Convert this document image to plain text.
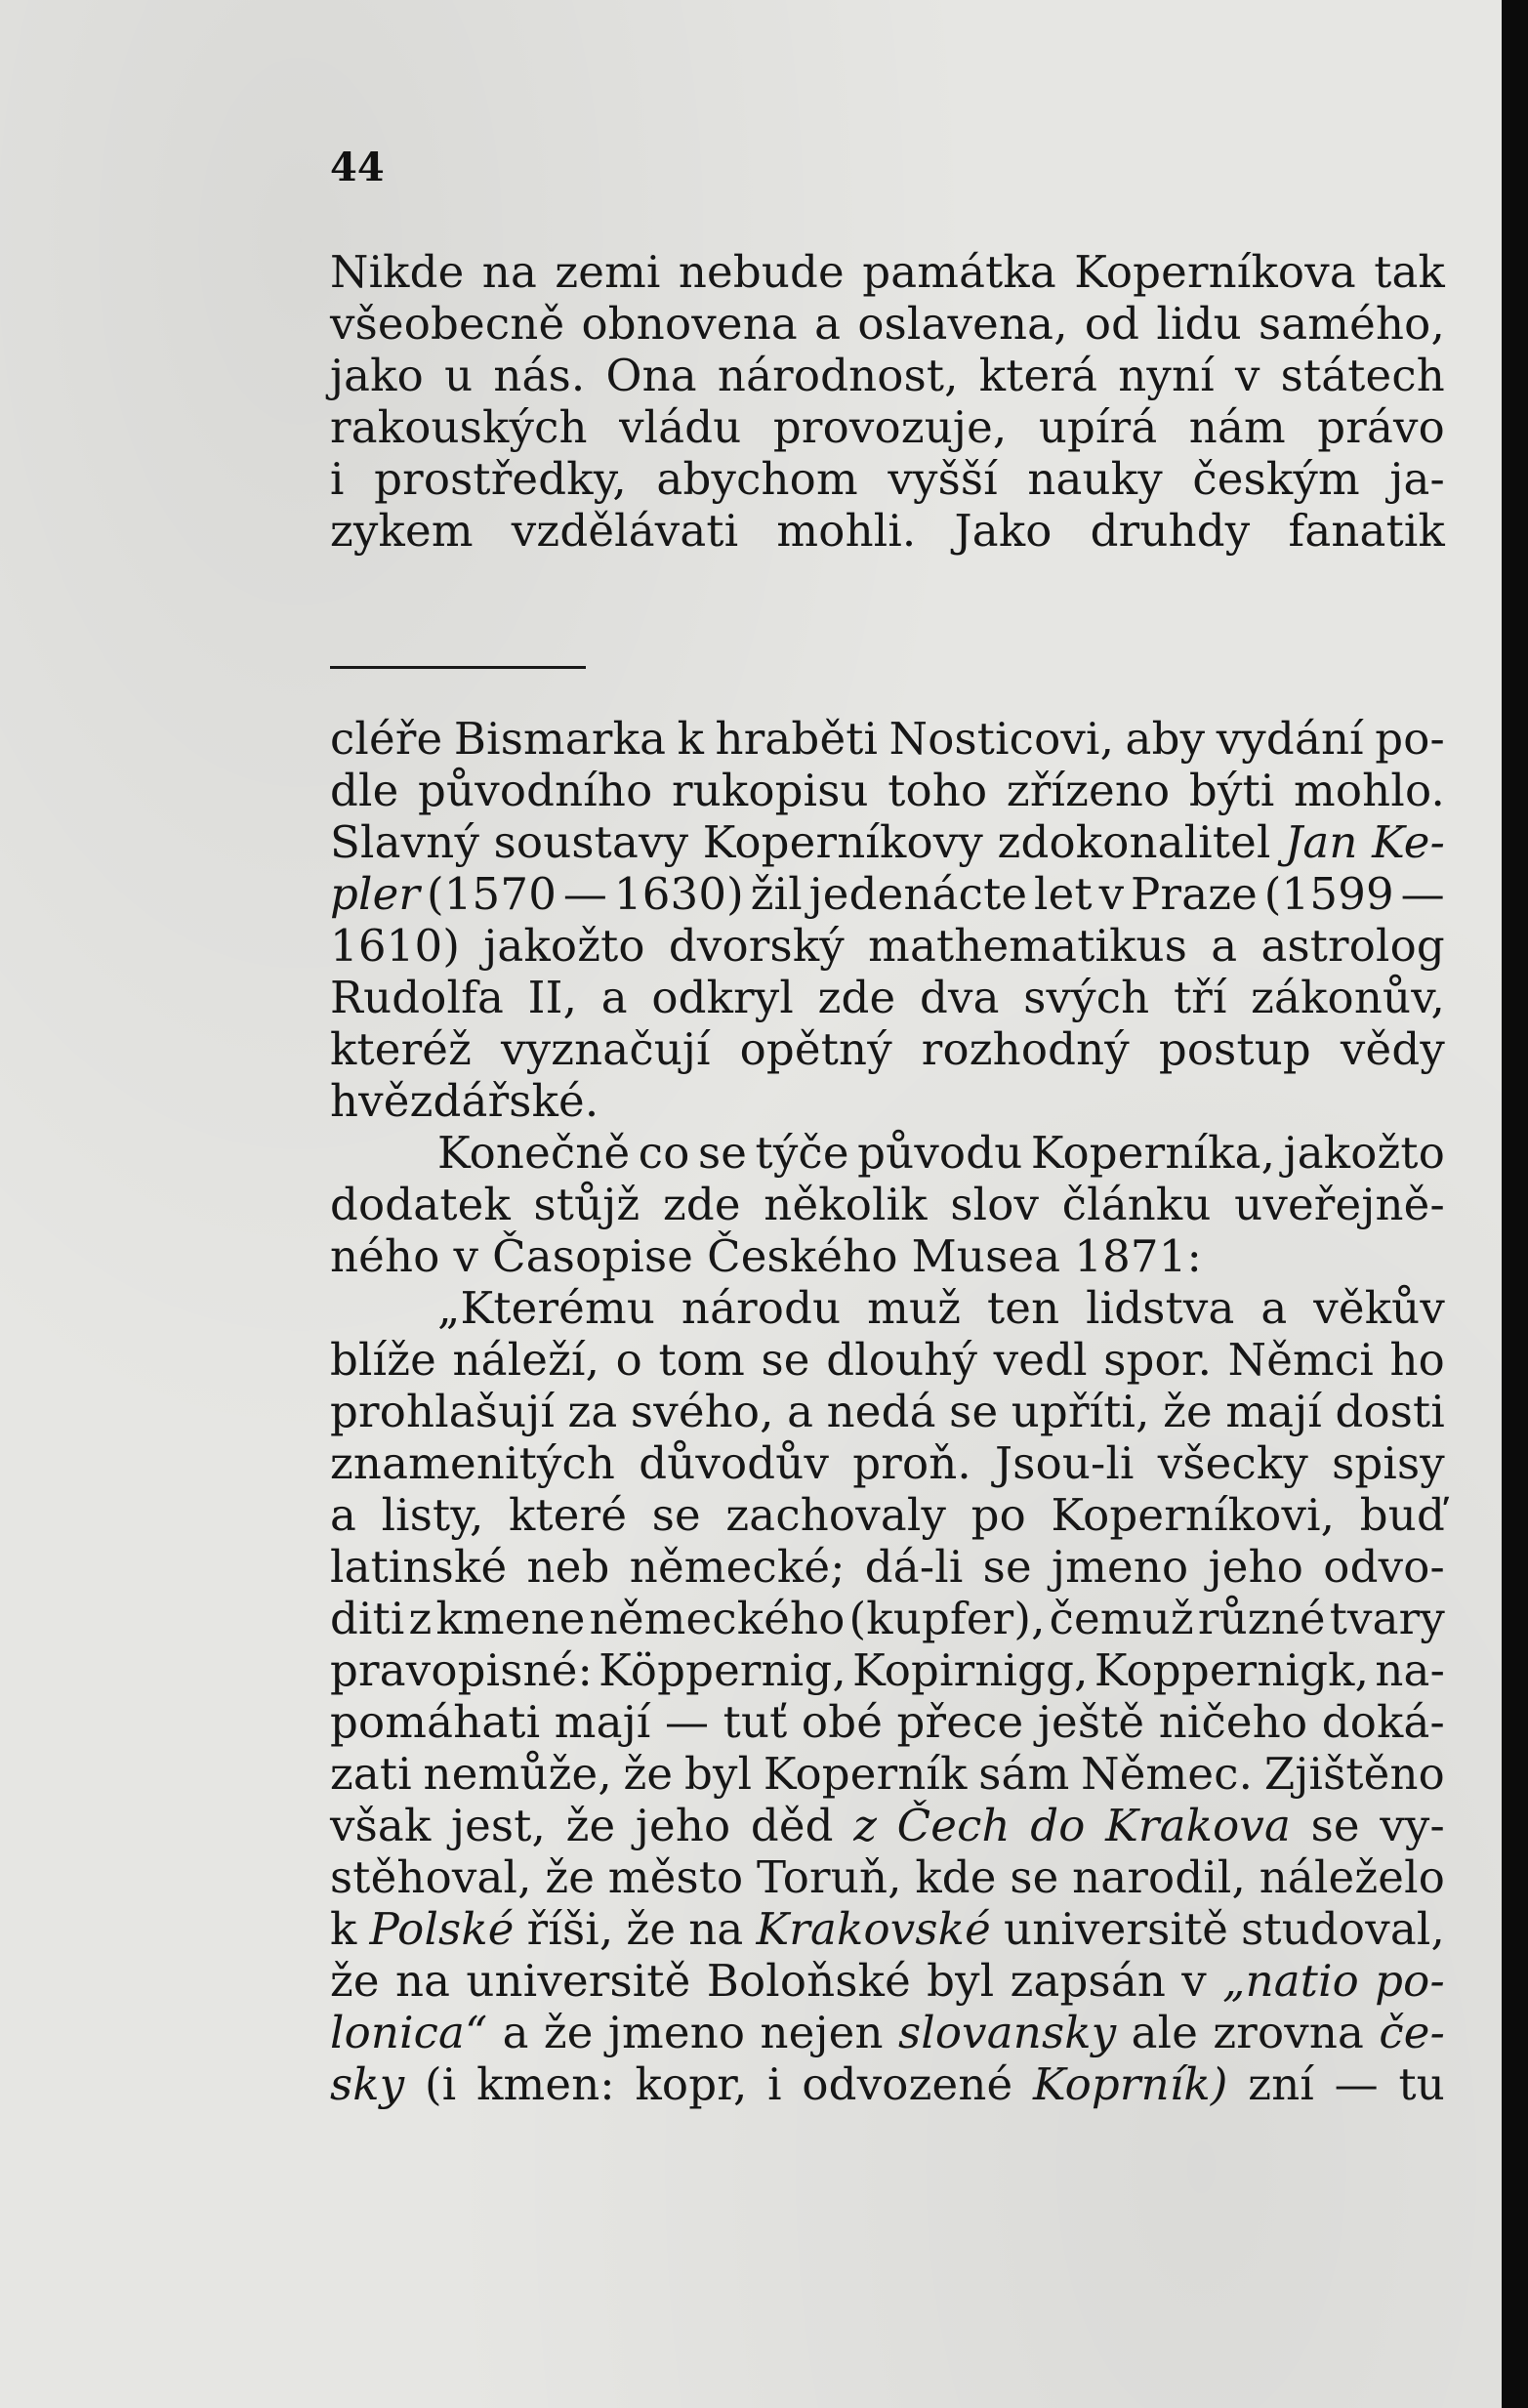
44
Nikde na zemi nebude památka Koperníkova tak
všeobecně obnovena a oslavena, od lidu samého,
jako u nás. Ona národnost, která nyní v státech
rakouských vládu provozuje, upírá nám právo
i prostředky, abychom vyšší nauky českým ja-
zykem vzdělávati mohli. Jako druhdy fanatik
cléře Bismarka k hraběti Nosticovi, aby vydání po-
dle původního rukopisu toho zřízeno býti mohlo.
Slavný soustavy Koperníkovy zdokonalitel Jan Ke-
pler (1570 — 1630) žil jedenácte let v Praze (1599 —
1610) jakožto dvorský mathematikus a astrolog
Rudolfa II, a odkryl zde dva svých tří zákonův,
kteréž vyznačují opětný rozhodný postup vědy
hvězdářské.
Konečně co se týče původu Koperníka, jakožto
dodatek stůjž zde několik slov článku uveřejně-
ného v Časopise Českého Musea 1871:
„Kterému národu muž ten lidstva a věkův
blíže náleží, o tom se dlouhý vedl spor. Němci ho
prohlašují za svého, a nedá se upříti, že mají dosti
znamenitých důvodův proň. Jsou-li všecky spisy
a listy, které se zachovaly po Koperníkovi, buď
latinské neb německé; dá-li se jmeno jeho odvo-
diti z kmene německého (kupfer), čemuž různé tvary
pravopisné: Köppernig, Kopirnigg, Koppernigk, na-
pomáhati mají — tuť obé přece ještě ničeho doká-
zati nemůže, že byl Koperník sám Němec. Zjištěno
však jest, že jeho děd z Čech do Krakova se vy-
stěhoval, že město Toruň, kde se narodil, náleželo
k Polské říši, že na Krakovské universitě studoval,
že na universitě Boloňské byl zapsán v „natio po-
lonica“ a že jmeno nejen slovansky ale zrovna če-
sky (i kmen: kopr, i odvozené Koprník) zní — tu
